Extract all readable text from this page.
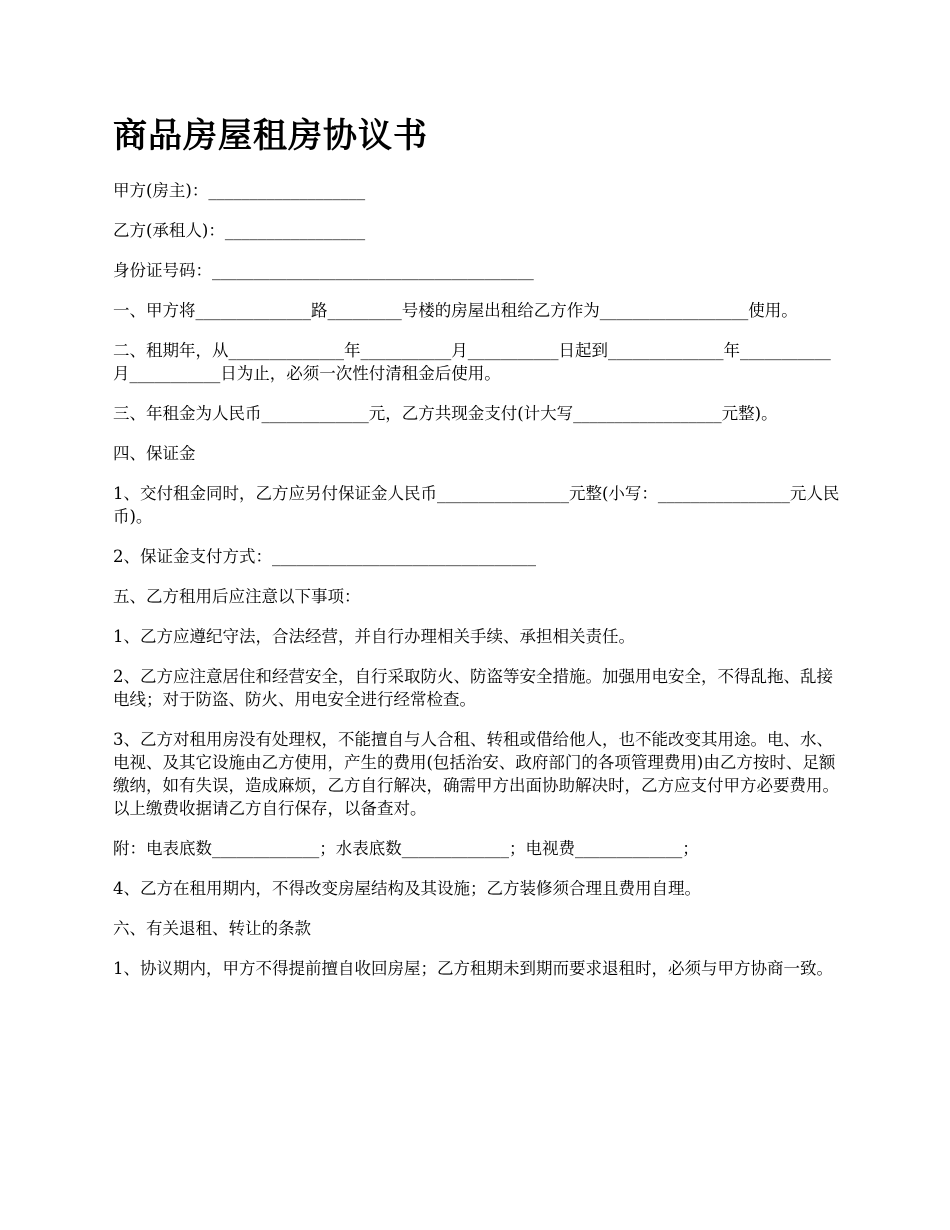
商品房屋租房协议书

甲方(房主)：___________________

乙方(承租人)：_________________

身份证号码：_______________________________________

一、甲方将______________路_________号楼的房屋出租给乙方作为__________________使用。

二、租期年，从______________年___________月___________日起到______________年___________月___________日为止，必须一次性付清租金后使用。

三、年租金为人民币_____________元，乙方共现金支付(计大写__________________元整)。

四、保证金

1、交付租金同时，乙方应另付保证金人民币________________元整(小写：________________元人民币)。

2、保证金支付方式：________________________________

五、乙方租用后应注意以下事项：

1、乙方应遵纪守法，合法经营，并自行办理相关手续、承担相关责任。

2、乙方应注意居住和经营安全，自行采取防火、防盗等安全措施。加强用电安全，不得乱拖、乱接电线；对于防盗、防火、用电安全进行经常检查。

3、乙方对租用房没有处理权，不能擅自与人合租、转租或借给他人，也不能改变其用途。电、水、电视、及其它设施由乙方使用，产生的费用(包括治安、政府部门的各项管理费用)由乙方按时、足额缴纳，如有失误，造成麻烦，乙方自行解决，确需甲方出面协助解决时，乙方应支付甲方必要费用。以上缴费收据请乙方自行保存，以备查对。

附：电表底数_____________；水表底数_____________；电视费_____________；

4、乙方在租用期内，不得改变房屋结构及其设施；乙方装修须合理且费用自理。

六、有关退租、转让的条款

1、协议期内，甲方不得提前擅自收回房屋；乙方租期未到期而要求退租时，必须与甲方协商一致。
